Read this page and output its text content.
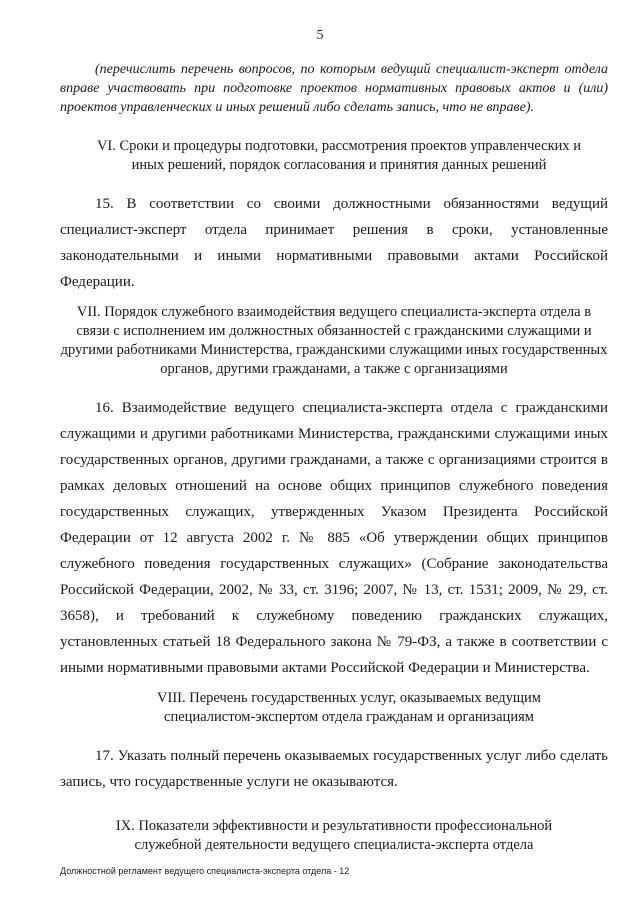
5

(перечислить перечень вопросов, по которым ведущий специалист-эксперт отдела вправе участвовать при подготовке проектов нормативных правовых актов и (или) проектов управленческих и иных решений либо сделать запись, что не вправе).

VI. Сроки и процедуры подготовки, рассмотрения проектов управленческих и иных решений, порядок согласования и принятия данных решений

15. В соответствии со своими должностными обязанностями ведущий специалист-эксперт отдела принимает решения в сроки, установленные законодательными и иными нормативными правовыми актами Российской Федерации.

VII. Порядок служебного взаимодействия ведущего специалиста-эксперта отдела в связи с исполнением им должностных обязанностей с гражданскими служащими и другими работниками Министерства, гражданскими служащими иных государственных органов, другими гражданами, а также с организациями

16. Взаимодействие ведущего специалиста-эксперта отдела с гражданскими служащими и другими работниками Министерства, гражданскими служащими иных государственных органов, другими гражданами, а также с организациями строится в рамках деловых отношений на основе общих принципов служебного поведения государственных служащих, утвержденных Указом Президента Российской Федерации от 12 августа 2002 г. № 885 «Об утверждении общих принципов служебного поведения государственных служащих» (Собрание законодательства Российской Федерации, 2002, № 33, ст. 3196; 2007, № 13, ст. 1531; 2009, № 29, ст. 3658), и требований к служебному поведению гражданских служащих, установленных статьей 18 Федерального закона № 79-ФЗ, а также в соответствии с иными нормативными правовыми актами Российской Федерации и Министерства.

VIII. Перечень государственных услуг, оказываемых ведущим специалистом-экспертом отдела гражданам и организациям

17. Указать полный перечень оказываемых государственных услуг либо сделать запись, что государственные услуги не оказываются.

IX. Показатели эффективности и результативности профессиональной служебной деятельности ведущего специалиста-эксперта отдела

Должностной регламент ведущего специалиста-эксперта отдела - 12
